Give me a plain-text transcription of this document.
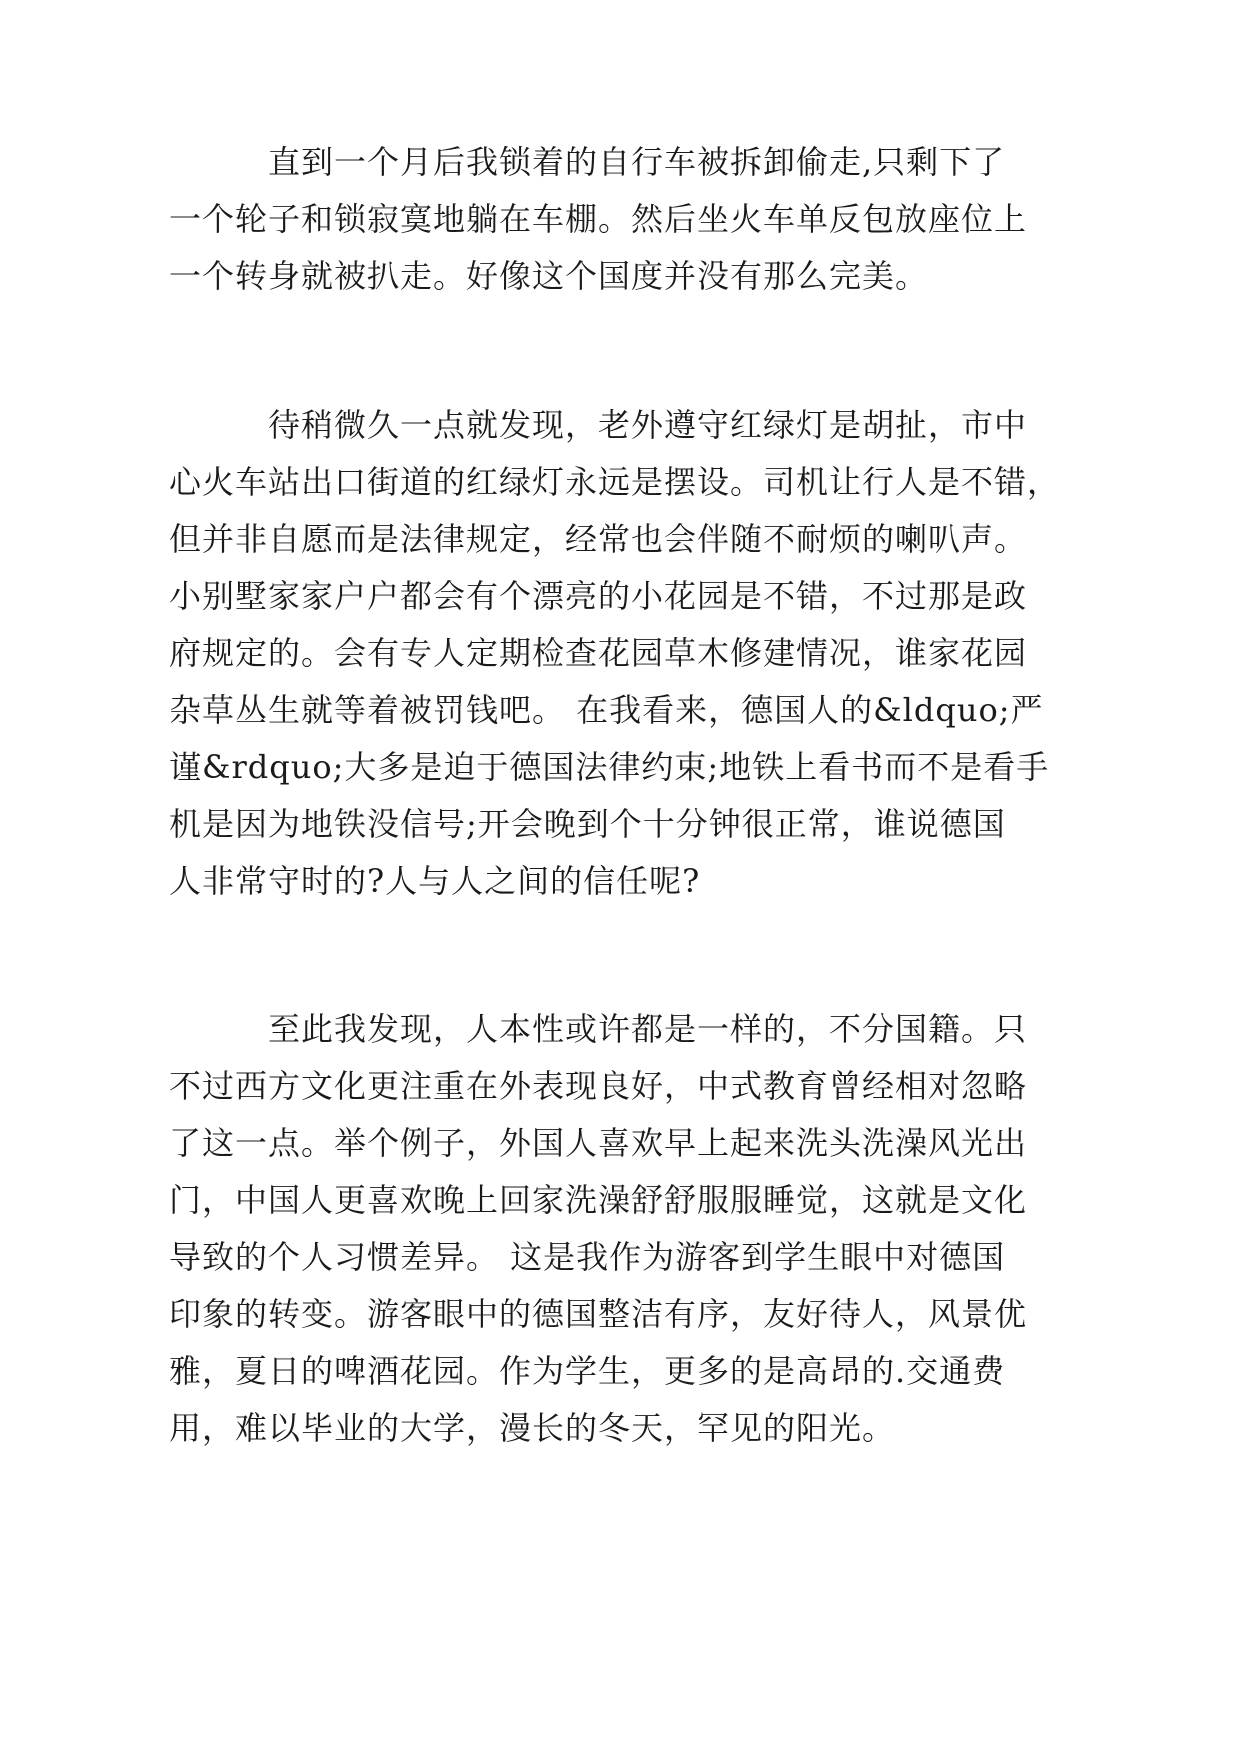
直到一个月后我锁着的自行车被拆卸偷走,只剩下了

一个轮子和锁寂寞地躺在车棚。然后坐火车单反包放座位上

一个转身就被扒走。好像这个国度并没有那么完美。

待稍微久一点就发现，老外遵守红绿灯是胡扯，市中

心火车站出口街道的红绿灯永远是摆设。司机让行人是不错，

但并非自愿而是法律规定，经常也会伴随不耐烦的喇叭声。

小别墅家家户户都会有个漂亮的小花园是不错，不过那是政

府规定的。会有专人定期检查花园草木修建情况，谁家花园

杂草丛生就等着被罚钱吧。 在我看来，德国人的&ldquo;严

谨&rdquo;大多是迫于德国法律约束;地铁上看书而不是看手

机是因为地铁没信号;开会晚到个十分钟很正常，谁说德国

人非常守时的?人与人之间的信任呢?

至此我发现，人本性或许都是一样的，不分国籍。只

不过西方文化更注重在外表现良好，中式教育曾经相对忽略

了这一点。举个例子，外国人喜欢早上起来洗头洗澡风光出

门，中国人更喜欢晚上回家洗澡舒舒服服睡觉，这就是文化

导致的个人习惯差异。 这是我作为游客到学生眼中对德国

印象的转变。游客眼中的德国整洁有序，友好待人，风景优

雅，夏日的啤酒花园。作为学生，更多的是高昂的.交通费

用，难以毕业的大学，漫长的冬天，罕见的阳光。
